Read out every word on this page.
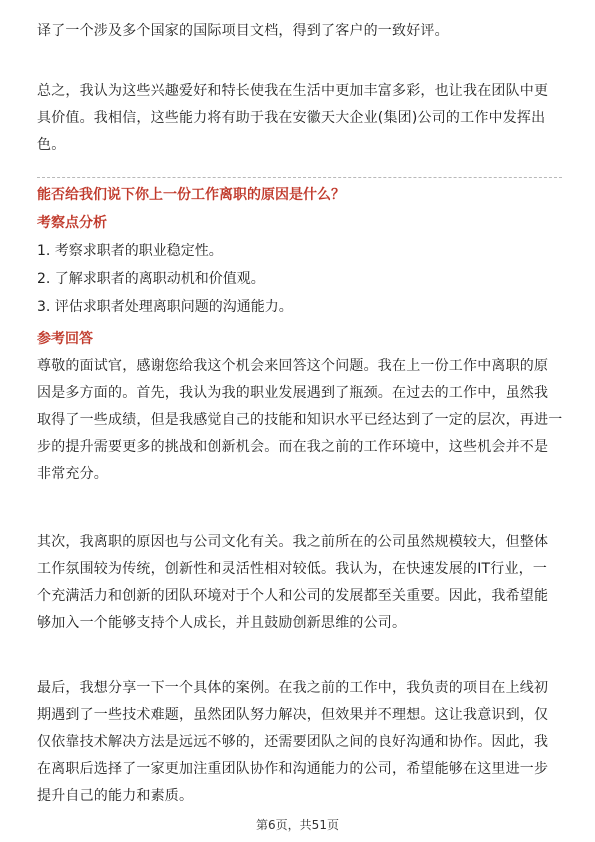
译了一个涉及多个国家的国际项目文档，得到了客户的一致好评。
总之，我认为这些兴趣爱好和特长使我在生活中更加丰富多彩，也让我在团队中更
具价值。我相信，这些能力将有助于我在安徽天大企业(集团)公司的工作中发挥出
色。
能否给我们说下你上一份工作离职的原因是什么？
考察点分析
1. 考察求职者的职业稳定性。
2. 了解求职者的离职动机和价值观。
3. 评估求职者处理离职问题的沟通能力。
参考回答
尊敬的面试官，感谢您给我这个机会来回答这个问题。我在上一份工作中离职的原
因是多方面的。首先，我认为我的职业发展遇到了瓶颈。在过去的工作中，虽然我
取得了一些成绩，但是我感觉自己的技能和知识水平已经达到了一定的层次，再进一
步的提升需要更多的挑战和创新机会。而在我之前的工作环境中，这些机会并不是
非常充分。
其次，我离职的原因也与公司文化有关。我之前所在的公司虽然规模较大，但整体
工作氛围较为传统，创新性和灵活性相对较低。我认为，在快速发展的IT行业，一
个充满活力和创新的团队环境对于个人和公司的发展都至关重要。因此，我希望能
够加入一个能够支持个人成长，并且鼓励创新思维的公司。
最后，我想分享一下一个具体的案例。在我之前的工作中，我负责的项目在上线初
期遇到了一些技术难题，虽然团队努力解决，但效果并不理想。这让我意识到，仅
仅依靠技术解决方法是远远不够的，还需要团队之间的良好沟通和协作。因此，我
在离职后选择了一家更加注重团队协作和沟通能力的公司，希望能够在这里进一步
提升自己的能力和素质。
第6页，共51页
